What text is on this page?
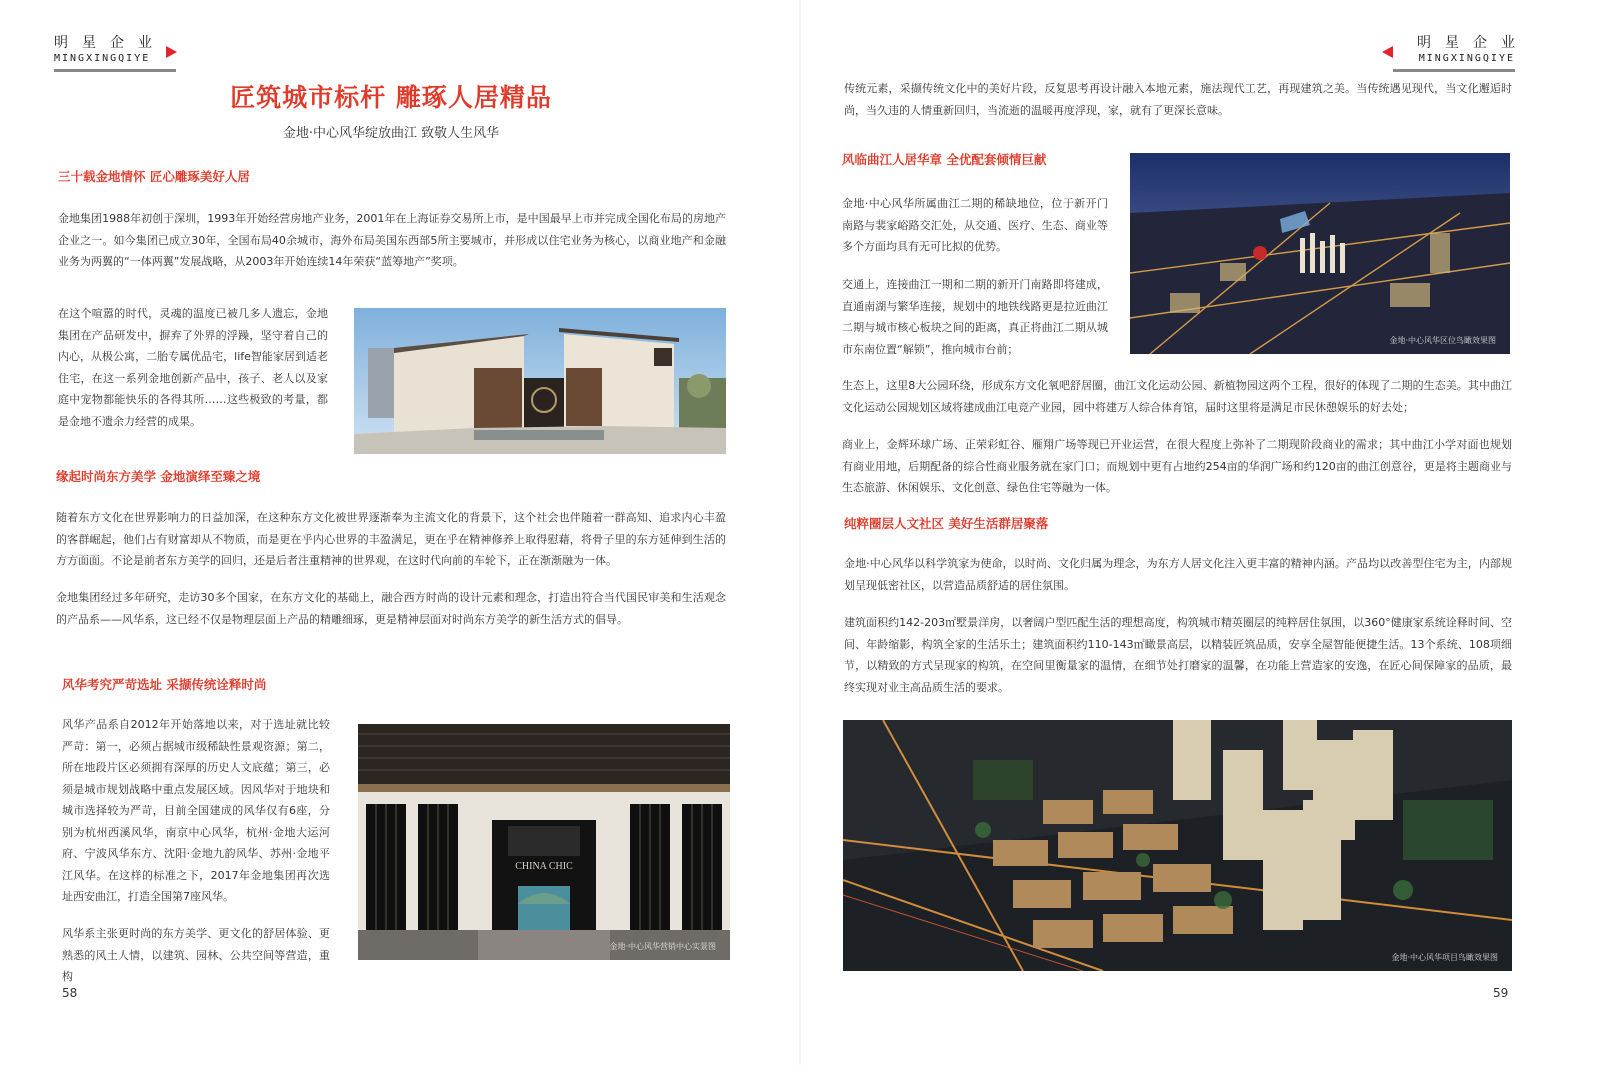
明星企业
MINGXINGQIYE
匠筑城市标杆 雕琢人居精品
金地·中心风华绽放曲江 致敬人生风华
三十载金地情怀 匠心雕琢美好人居
金地集团1988年初创于深圳，1993年开始经营房地产业务，2001年在上海证券交易所上市，是中国最早上市并完成全国化布局的房地产企业之一。如今集团已成立30年，全国布局40余城市，海外布局美国东西部5所主要城市，并形成以住宅业务为核心，以商业地产和金融业务为两翼的“一体两翼”发展战略，从2003年开始连续14年荣获“蓝筹地产”奖项。
在这个喧嚣的时代，灵魂的温度已被几多人遗忘，金地集团在产品研发中，摒弃了外界的浮躁，坚守着自己的内心，从极公寓，二胎专属优品宅，life智能家居到适老住宅，在这一系列金地创新产品中，孩子、老人以及家庭中宠物都能快乐的各得其所……这些极致的考量，都是金地不遗余力经营的成果。
缘起时尚东方美学 金地演绎至臻之境
随着东方文化在世界影响力的日益加深，在这种东方文化被世界逐渐奉为主流文化的背景下，这个社会也伴随着一群高知、追求内心丰盈的客群崛起，他们占有财富却从不物质，而是更在乎内心世界的丰盈满足，更在乎在精神修养上取得慰藉，将骨子里的东方延伸到生活的方方面面。不论是前者东方美学的回归，还是后者注重精神的世界观，在这时代向前的车轮下，正在渐渐融为一体。
金地集团经过多年研究，走访30多个国家，在东方文化的基础上，融合西方时尚的设计元素和理念，打造出符合当代国民审美和生活观念的产品系——风华系，这已经不仅是物理层面上产品的精雕细琢，更是精神层面对时尚东方美学的新生活方式的倡导。
风华考究严苛选址 采撷传统诠释时尚
风华产品系自2012年开始落地以来，对于选址就比较严苛：第一，必须占据城市级稀缺性景观资源；第二，所在地段片区必须拥有深厚的历史人文底蕴；第三，必须是城市规划战略中重点发展区域。因风华对于地块和城市选择较为严苛，目前全国建成的风华仅有6座，分别为杭州西溪风华，南京中心风华，杭州·金地大运河府、宁波风华东方、沈阳·金地九韵风华、苏州·金地平江风华。在这样的标准之下，2017年金地集团再次选址西安曲江，打造全国第7座风华。
风华系主张更时尚的东方美学、更文化的舒居体验、更熟悉的风土人情，以建筑、园林、公共空间等营造，重构
CHINA CHIC
金地·中心风华营销中心实景图
58
明星企业
MINGXINGQIYE
传统元素，采撷传统文化中的美好片段，反复思考再设计融入本地元素，施法现代工艺，再现建筑之美。当传统遇见现代，当文化邂逅时尚，当久违的人情重新回归，当流逝的温暖再度浮现，家，就有了更深长意味。
风临曲江人居华章 全优配套倾情巨献
金地·中心风华所属曲江二期的稀缺地位，位于新开门南路与裴家峪路交汇处，从交通、医疗、生态、商业等多个方面均具有无可比拟的优势。
交通上，连接曲江一期和二期的新开门南路即将建成，直通南湖与繁华连接，规划中的地铁线路更是拉近曲江二期与城市核心板块之间的距离，真正将曲江二期从城市东南位置“解锁”，推向城市台前；
金地·中心风华区位鸟瞰效果图
生态上，这里8大公园环绕，形成东方文化氧吧舒居圈，曲江文化运动公园、新植物园这两个工程，很好的体现了二期的生态美。其中曲江文化运动公园规划区域将建成曲江电竞产业园，园中将建万人综合体育馆，届时这里将是满足市民休憩娱乐的好去处；
商业上，金辉环球广场、正荣彩虹谷、雁翔广场等现已开业运营，在很大程度上弥补了二期现阶段商业的需求；其中曲江小学对面也规划有商业用地，后期配备的综合性商业服务就在家门口；而规划中更有占地约254亩的华润广场和约120亩的曲江创意谷，更是将主题商业与生态旅游、休闲娱乐、文化创意、绿色住宅等融为一体。
纯粹圈层人文社区 美好生活群居聚落
金地·中心风华以科学筑家为使命，以时尚、文化归属为理念，为东方人居文化注入更丰富的精神内涵。产品均以改善型住宅为主，内部规划呈现低密社区，以营造品质舒适的居住氛围。
建筑面积约142-203㎡墅景洋房，以奢阔户型匹配生活的理想高度，构筑城市精英圈层的纯粹居住氛围，以360°健康家系统诠释时间、空间、年龄缩影，构筑全家的生活乐土；建筑面积约110-143㎡瞰景高层，以精装匠筑品质，安享全屋智能便捷生活。13个系统、108项细节，以精致的方式呈现家的构筑，在空间里衡量家的温情，在细节处打磨家的温馨，在功能上营造家的安逸，在匠心间保障家的品质，最终实现对业主高品质生活的要求。
金地·中心风华项目鸟瞰效果图
59
